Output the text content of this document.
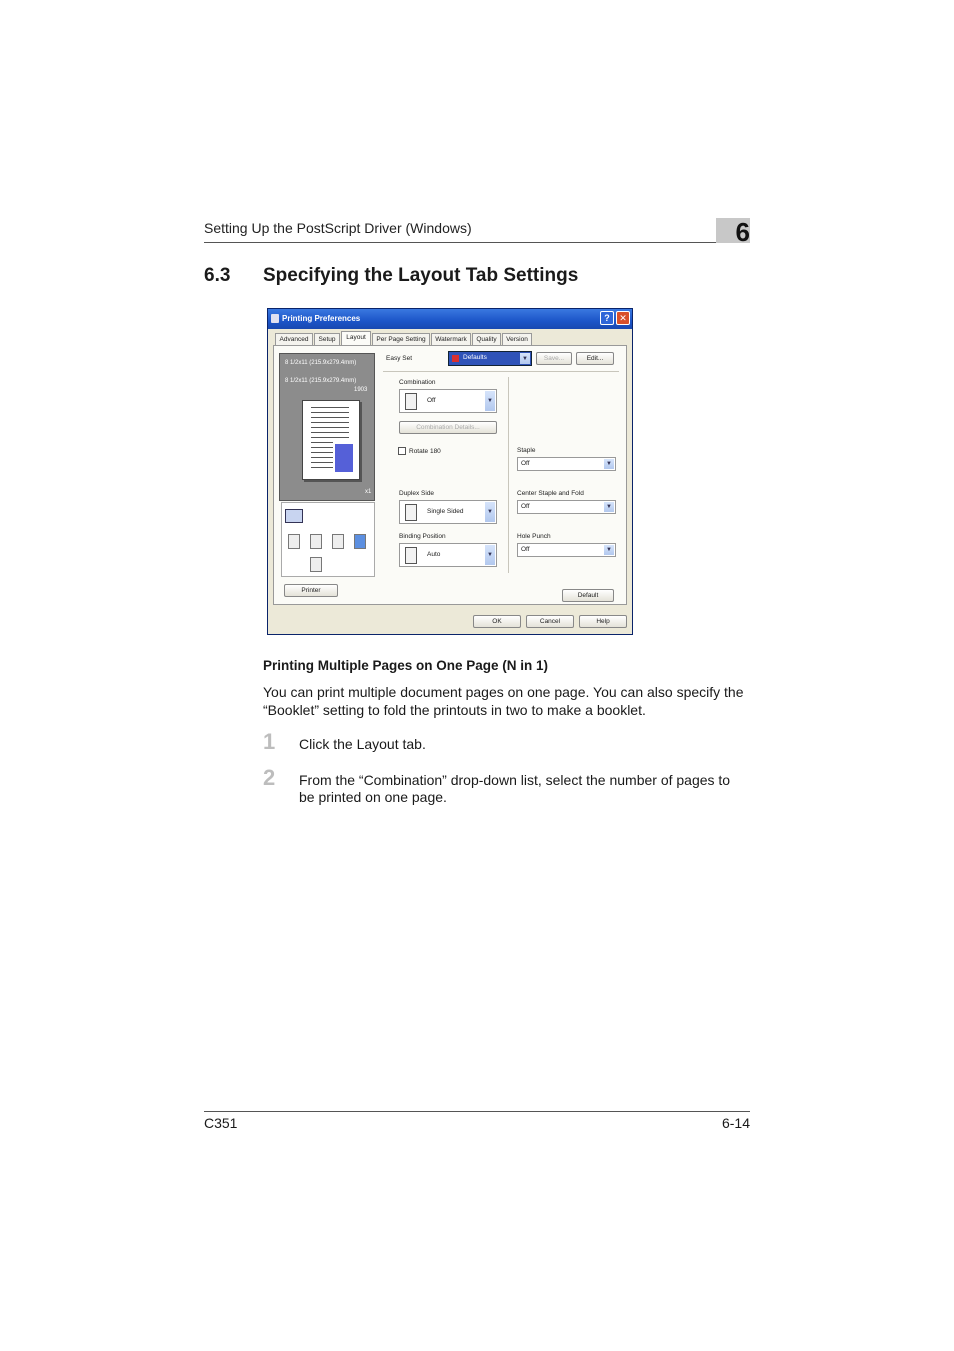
Setting Up the PostScript Driver (Windows)	6
6.3 Specifying the Layout Tab Settings
Printing Preferences	?	✕
Advanced	Setup	Layout	Per Page Setting	Watermark	Quality	Version
8 1/2x11 (215.9x279.4mm)
8 1/2x11 (215.9x279.4mm)
1903
x1
Printer
Easy Set	Defaults	▼	Save...	Edit...
Combination
Off	▼
Combination Details...
Rotate 180
Duplex Side
Single Sided	▼
Binding Position
Auto	▼
Staple
Off	▼
Center Staple and Fold
Off	▼
Hole Punch
Off	▼
Default
OK	Cancel	Help
Printing Multiple Pages on One Page (N in 1)
You can print multiple document pages on one page. You can also specify the “Booklet” setting to fold the printouts in two to make a booklet.
1 Click the Layout tab.
2 From the “Combination” drop-down list, select the number of pages to be printed on one page.
C351	6-14
